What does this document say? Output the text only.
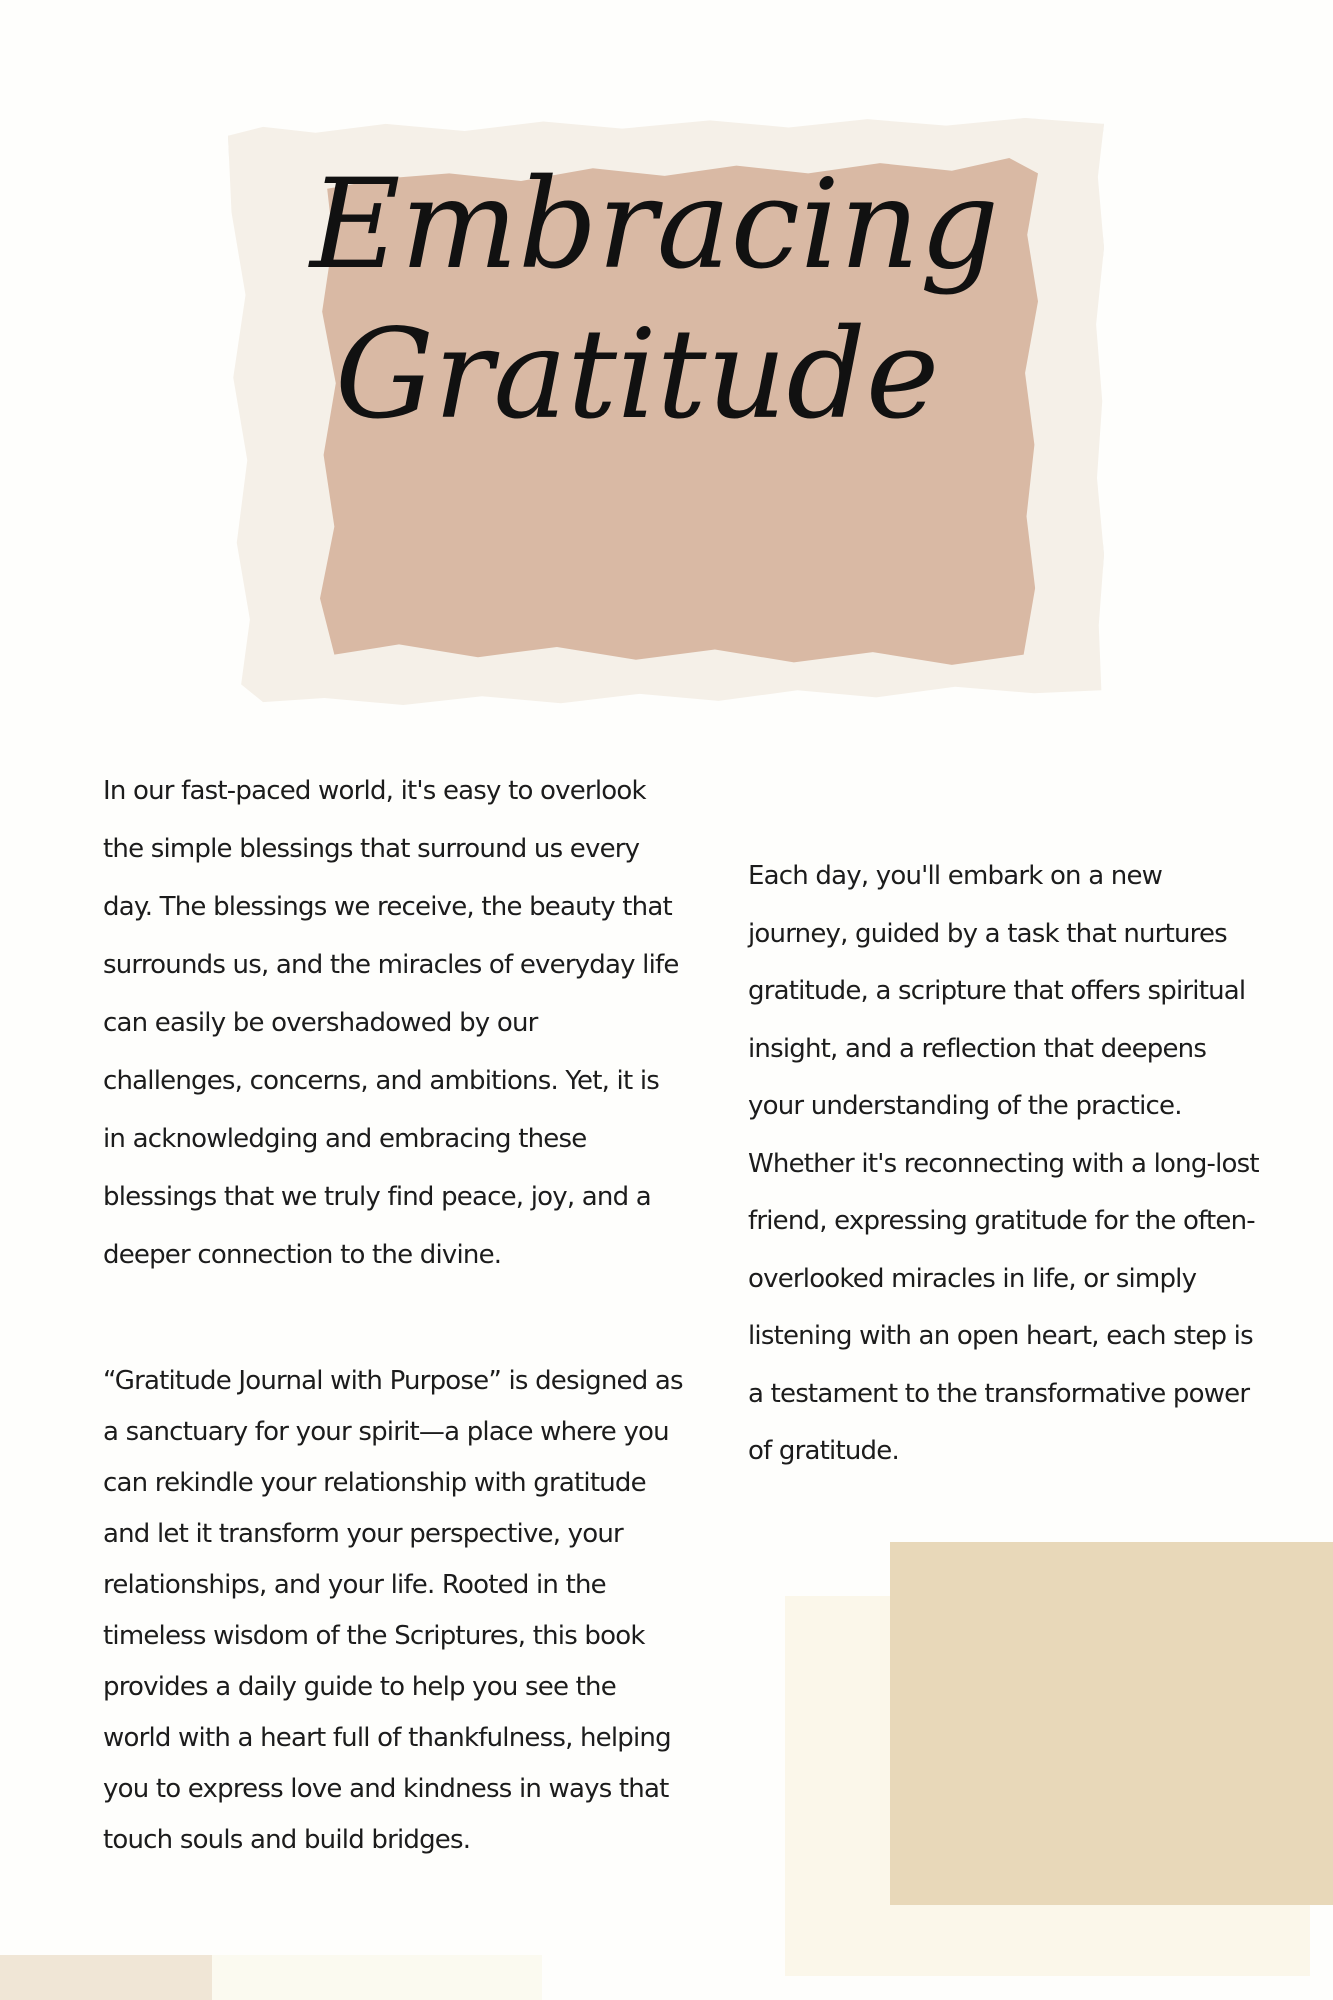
Embracing
Gratitude

In our fast-paced world, it's easy to overlook the simple blessings that surround us every day. The blessings we receive, the beauty that surrounds us, and the miracles of everyday life can easily be overshadowed by our challenges, concerns, and ambitions. Yet, it is in acknowledging and embracing these blessings that we truly find peace, joy, and a deeper connection to the divine.

“Gratitude Journal with Purpose” is designed as a sanctuary for your spirit—a place where you can rekindle your relationship with gratitude and let it transform your perspective, your relationships, and your life. Rooted in the timeless wisdom of the Scriptures, this book provides a daily guide to help you see the world with a heart full of thankfulness, helping you to express love and kindness in ways that touch souls and build bridges.

Each day, you'll embark on a new journey, guided by a task that nurtures gratitude, a scripture that offers spiritual insight, and a reflection that deepens your understanding of the practice. Whether it's reconnecting with a long-lost friend, expressing gratitude for the often-overlooked miracles in life, or simply listening with an open heart, each step is a testament to the transformative power of gratitude.
